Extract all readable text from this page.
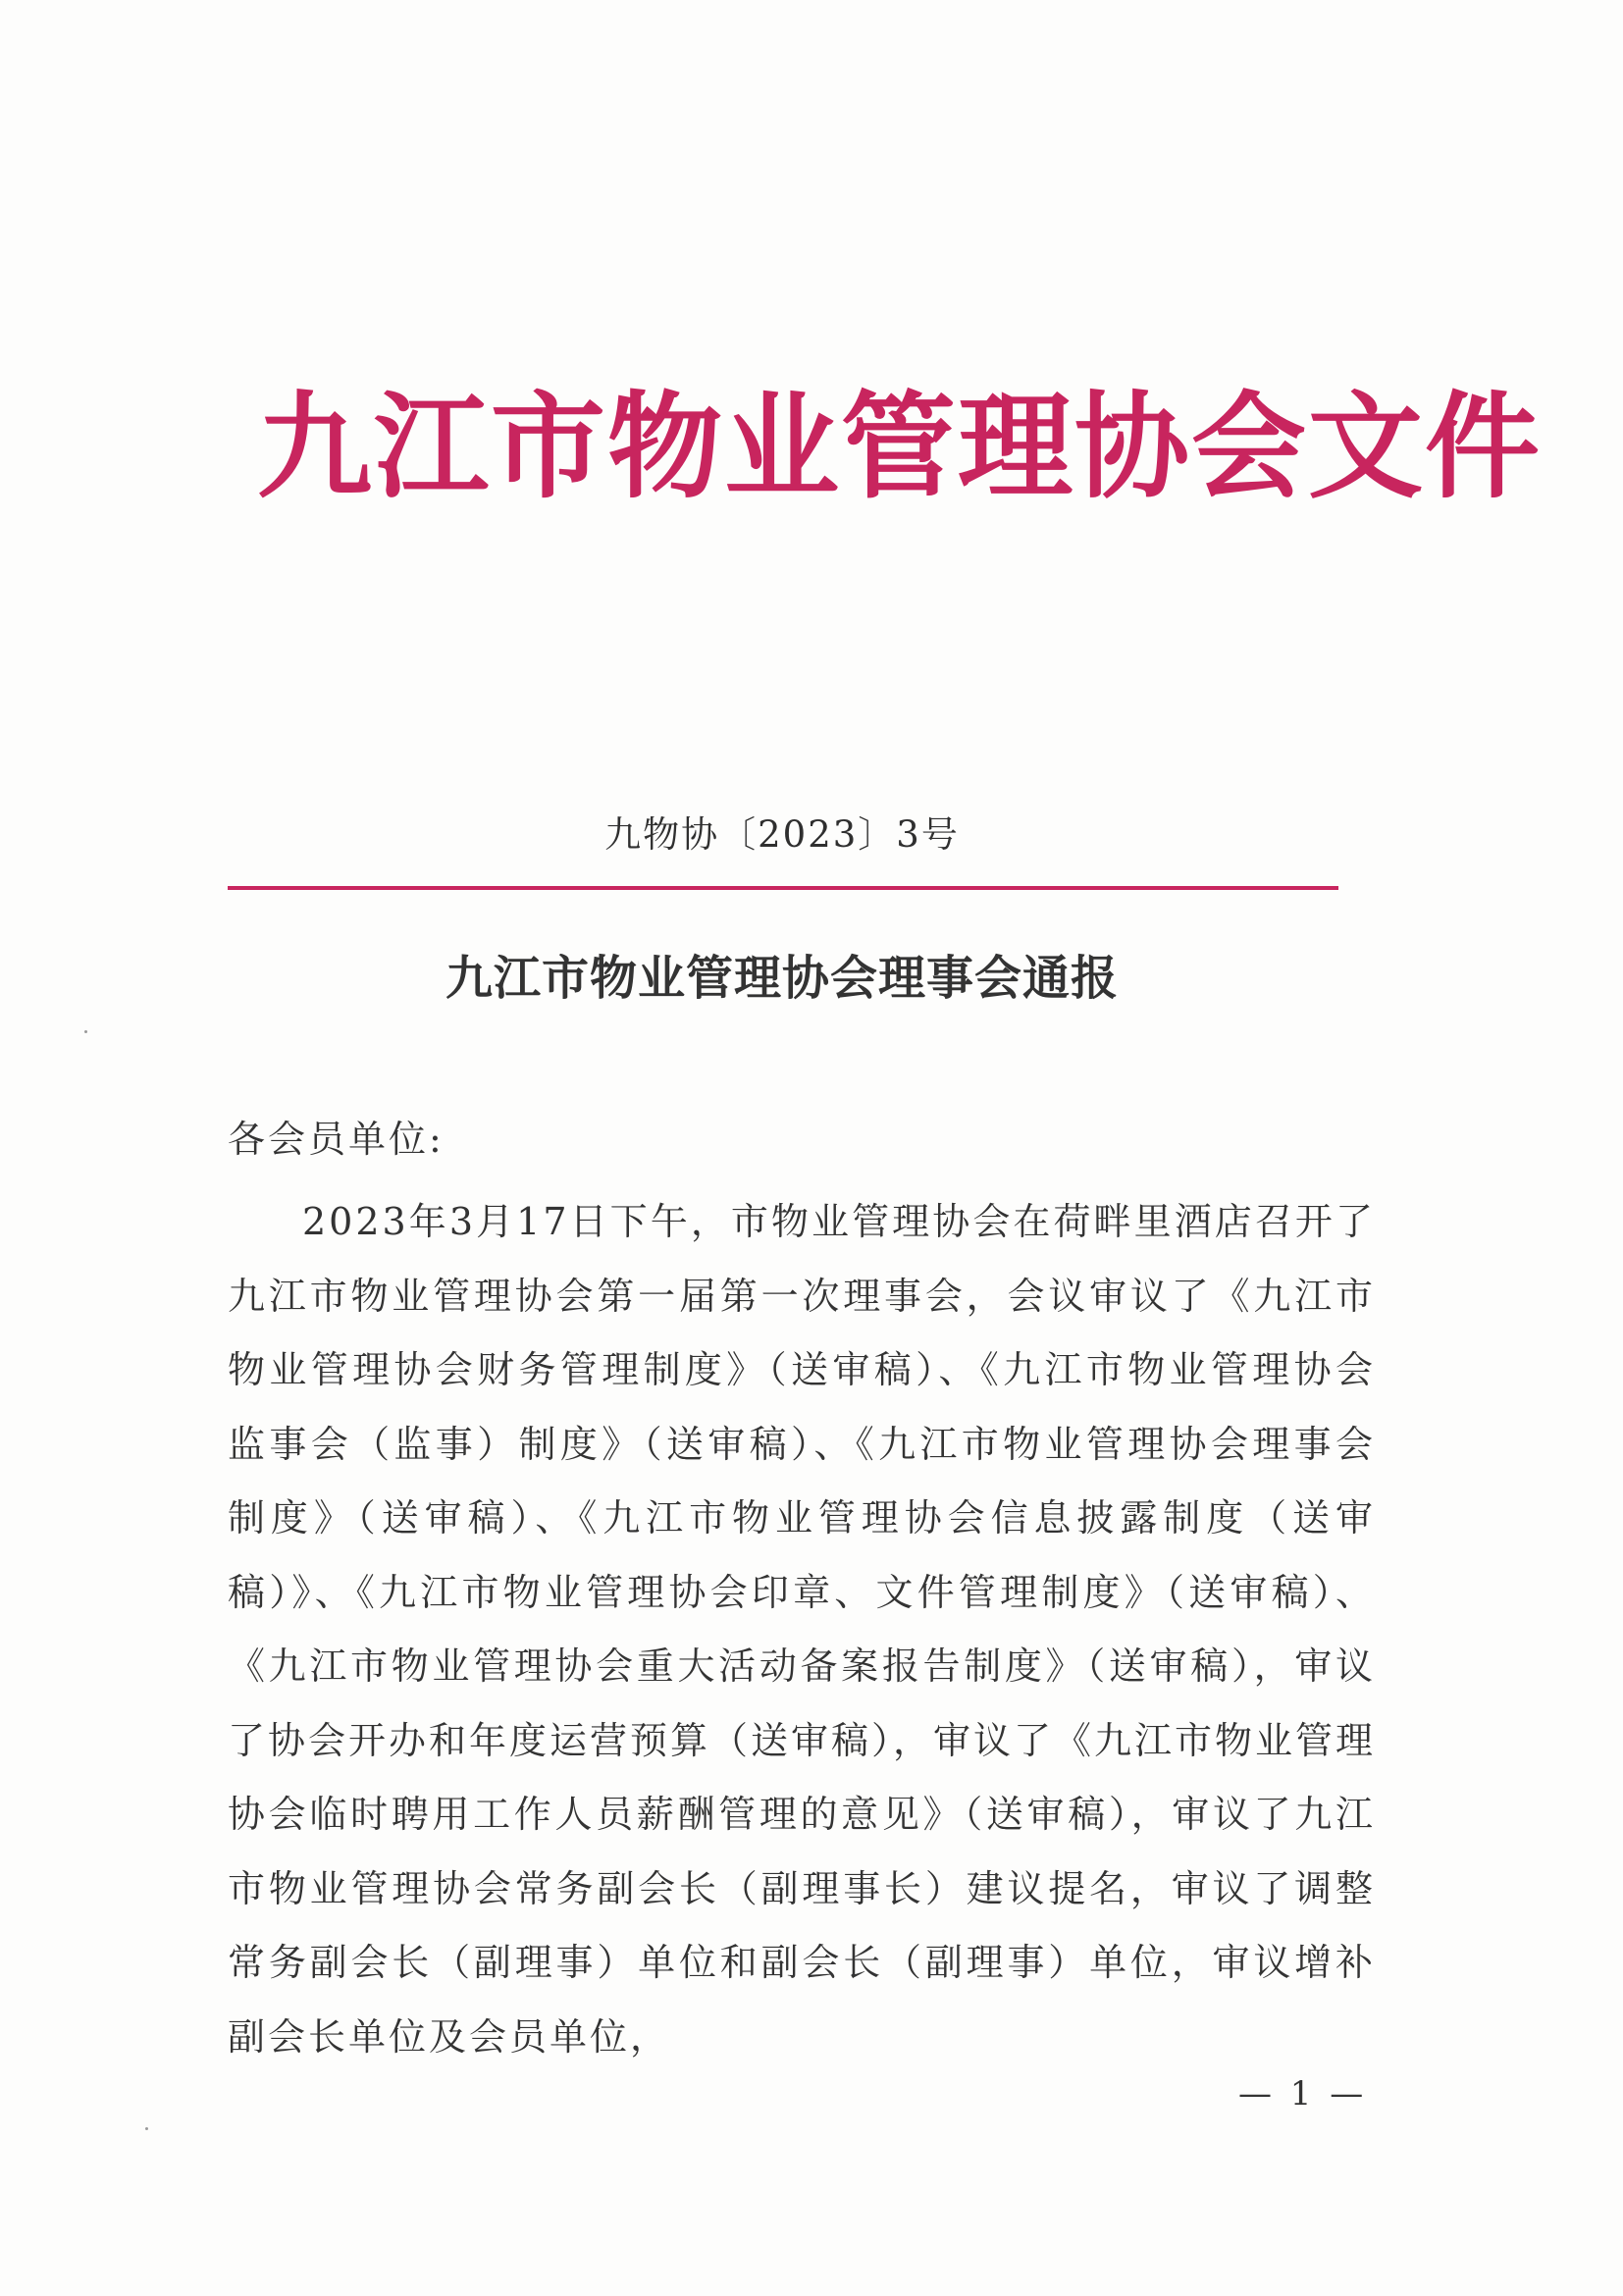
九江市物业管理协会文件
九物协〔2023〕3号
九江市物业管理协会理事会通报
各会员单位:
2023年3月17日下午，市物业管理协会在荷畔里酒店召开了九江市物业管理协会第一届第一次理事会，会议审议了《九江市物业管理协会财务管理制度》（送审稿）、《九江市物业管理协会监事会（监事）制度》（送审稿）、《九江市物业管理协会理事会制度》（送审稿）、《九江市物业管理协会信息披露制度（送审稿）》、《九江市物业管理协会印章、文件管理制度》（送审稿）、《九江市物业管理协会重大活动备案报告制度》（送审稿），审议了协会开办和年度运营预算（送审稿），审议了《九江市物业管理协会临时聘用工作人员薪酬管理的意见》（送审稿），审议了九江市物业管理协会常务副会长（副理事长）建议提名，审议了调整常务副会长（副理事）单位和副会长（副理事）单位，审议增补副会长单位及会员单位，
— 1 —
